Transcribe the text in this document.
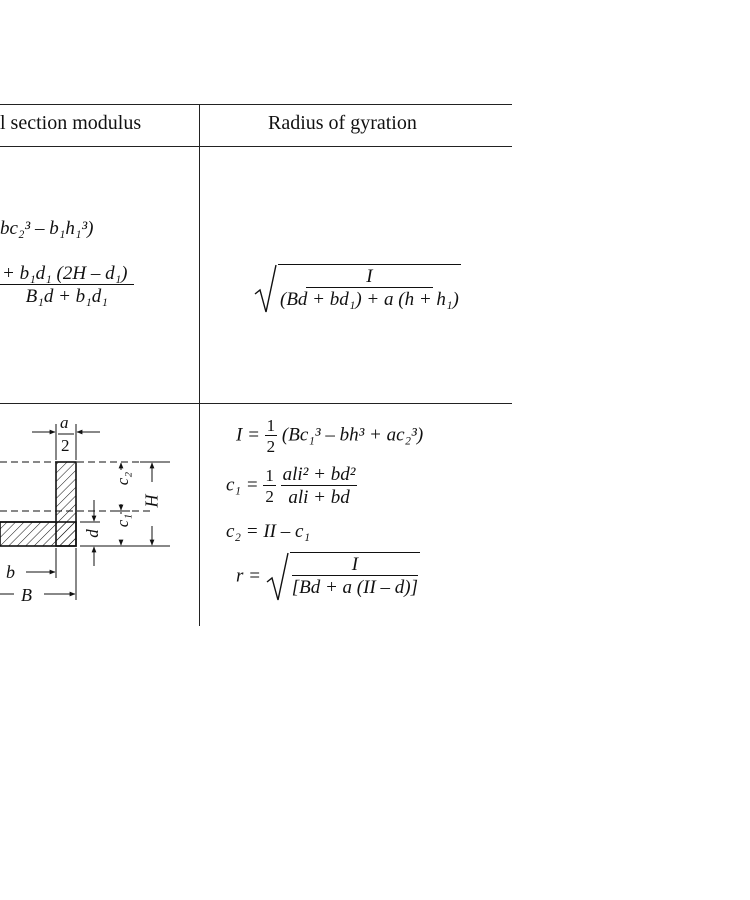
l section modulus	Radius of gyration
bc₂³ – b₁h₁³)
$\frac{\text{+ b₁d₁ (2H – d₁)}}{\text{B₁d + b₁d₁}}$	$\frac{I}{\text{(Bd + bd₁) + a (h + h₁)}}$
a
2
c₂
c₁
d
H
b
B
$I = \frac{1}{2} (Bc_1^3 - bh^3 + ac_2^3)$
$c_1 = \frac{1}{2}$
$\frac{\text{ali² + bd²}}{\text{ali + bd}}$
c₂ = II – c₁
$r = \frac{I}{[Bd + a (II - d)]}$
